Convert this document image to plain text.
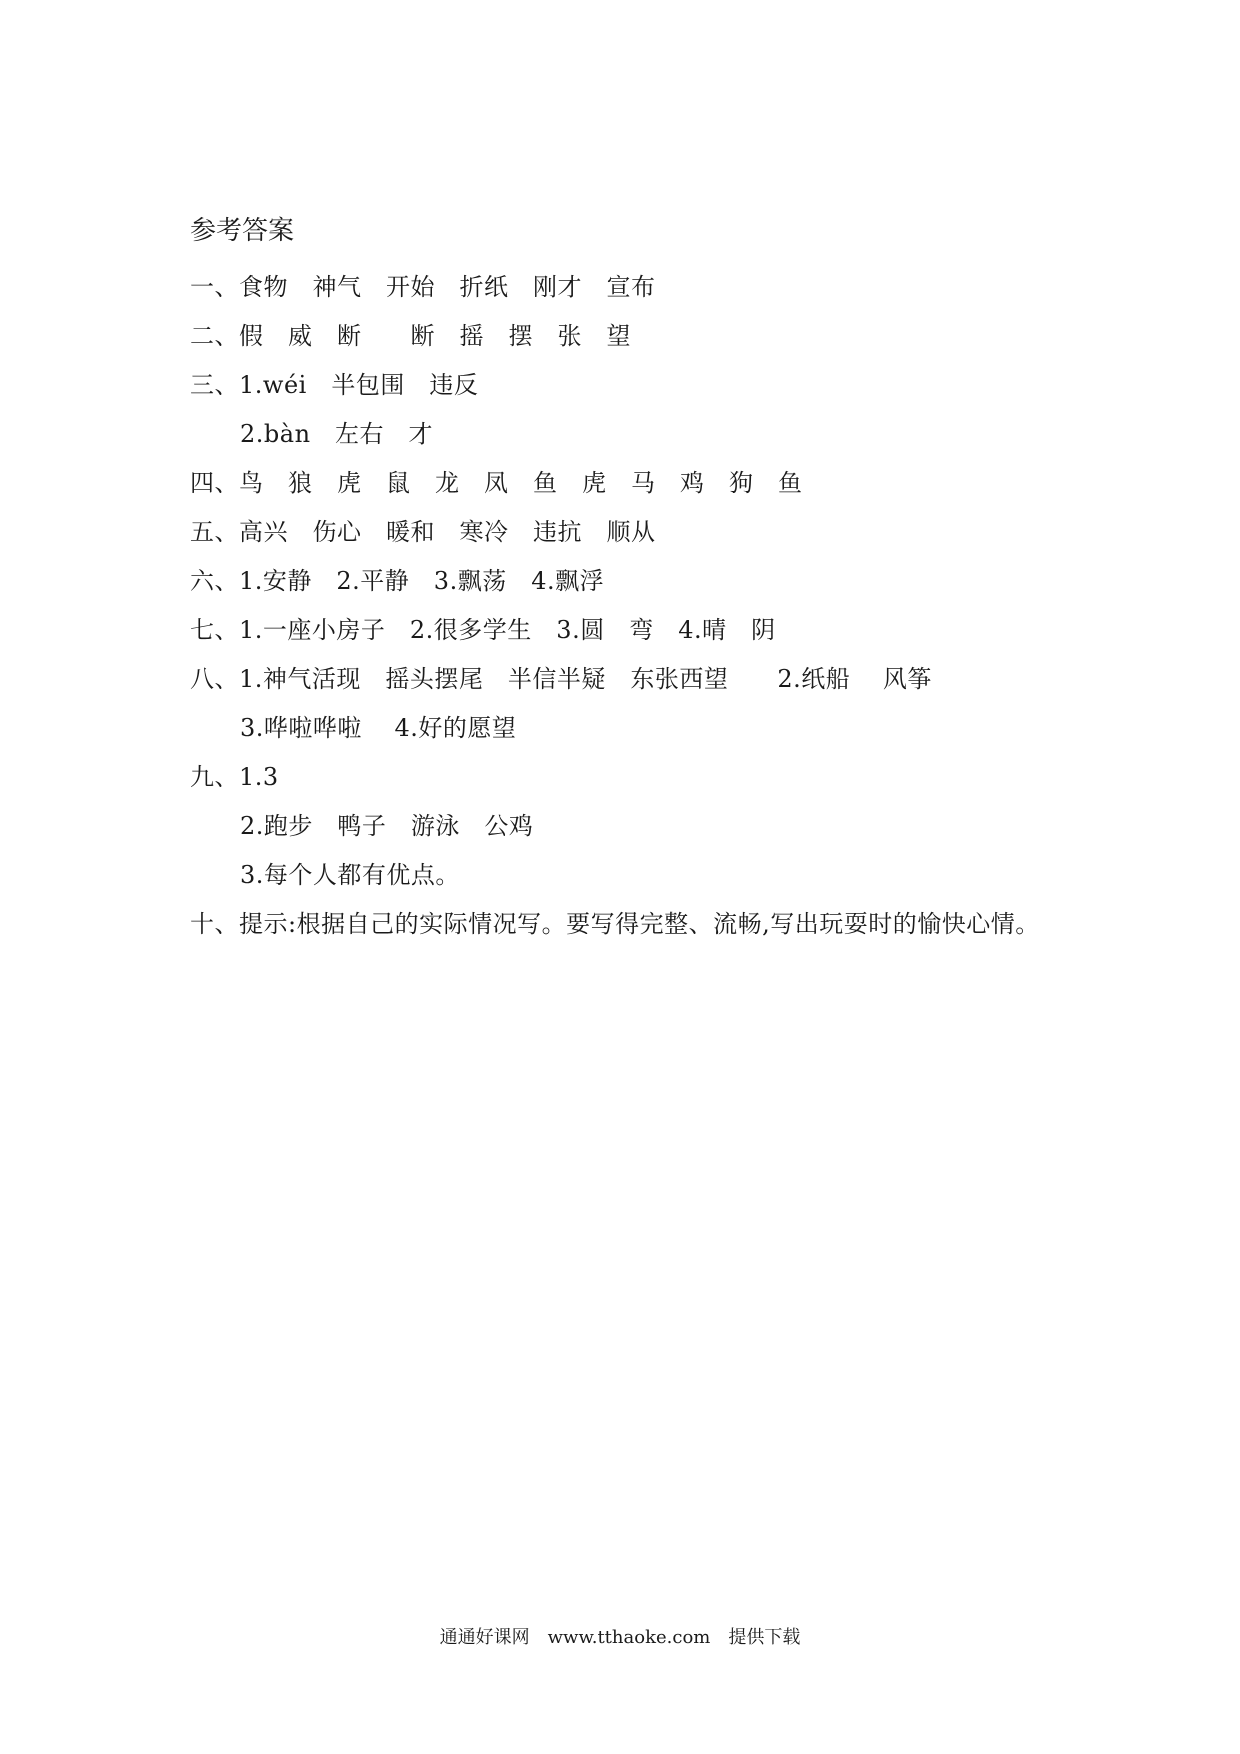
参考答案
一、食物　神气　开始　折纸　刚才　宣布
二、假　威　断　　断　摇　摆　张　望
三、1.wéi　半包围　违反
2.bàn　左右　才
四、鸟　狼　虎　鼠　龙　凤　鱼　虎　马　鸡　狗　鱼
五、高兴　伤心　暖和　寒冷　违抗　顺从
六、1.安静　2.平静　3.飘荡　4.飘浮
七、1.一座小房子　2.很多学生　3.圆　弯　4.晴　阴
八、1.神气活现　摇头摆尾　半信半疑　东张西望　　2.纸船　 风筝
3.哗啦哗啦　 4.好的愿望
九、1.3
2.跑步　鸭子　游泳　公鸡
3.每个人都有优点。
十、提示:根据自己的实际情况写。要写得完整、流畅,写出玩耍时的愉快心情。
通通好课网　www.tthaoke.com　提供下载
